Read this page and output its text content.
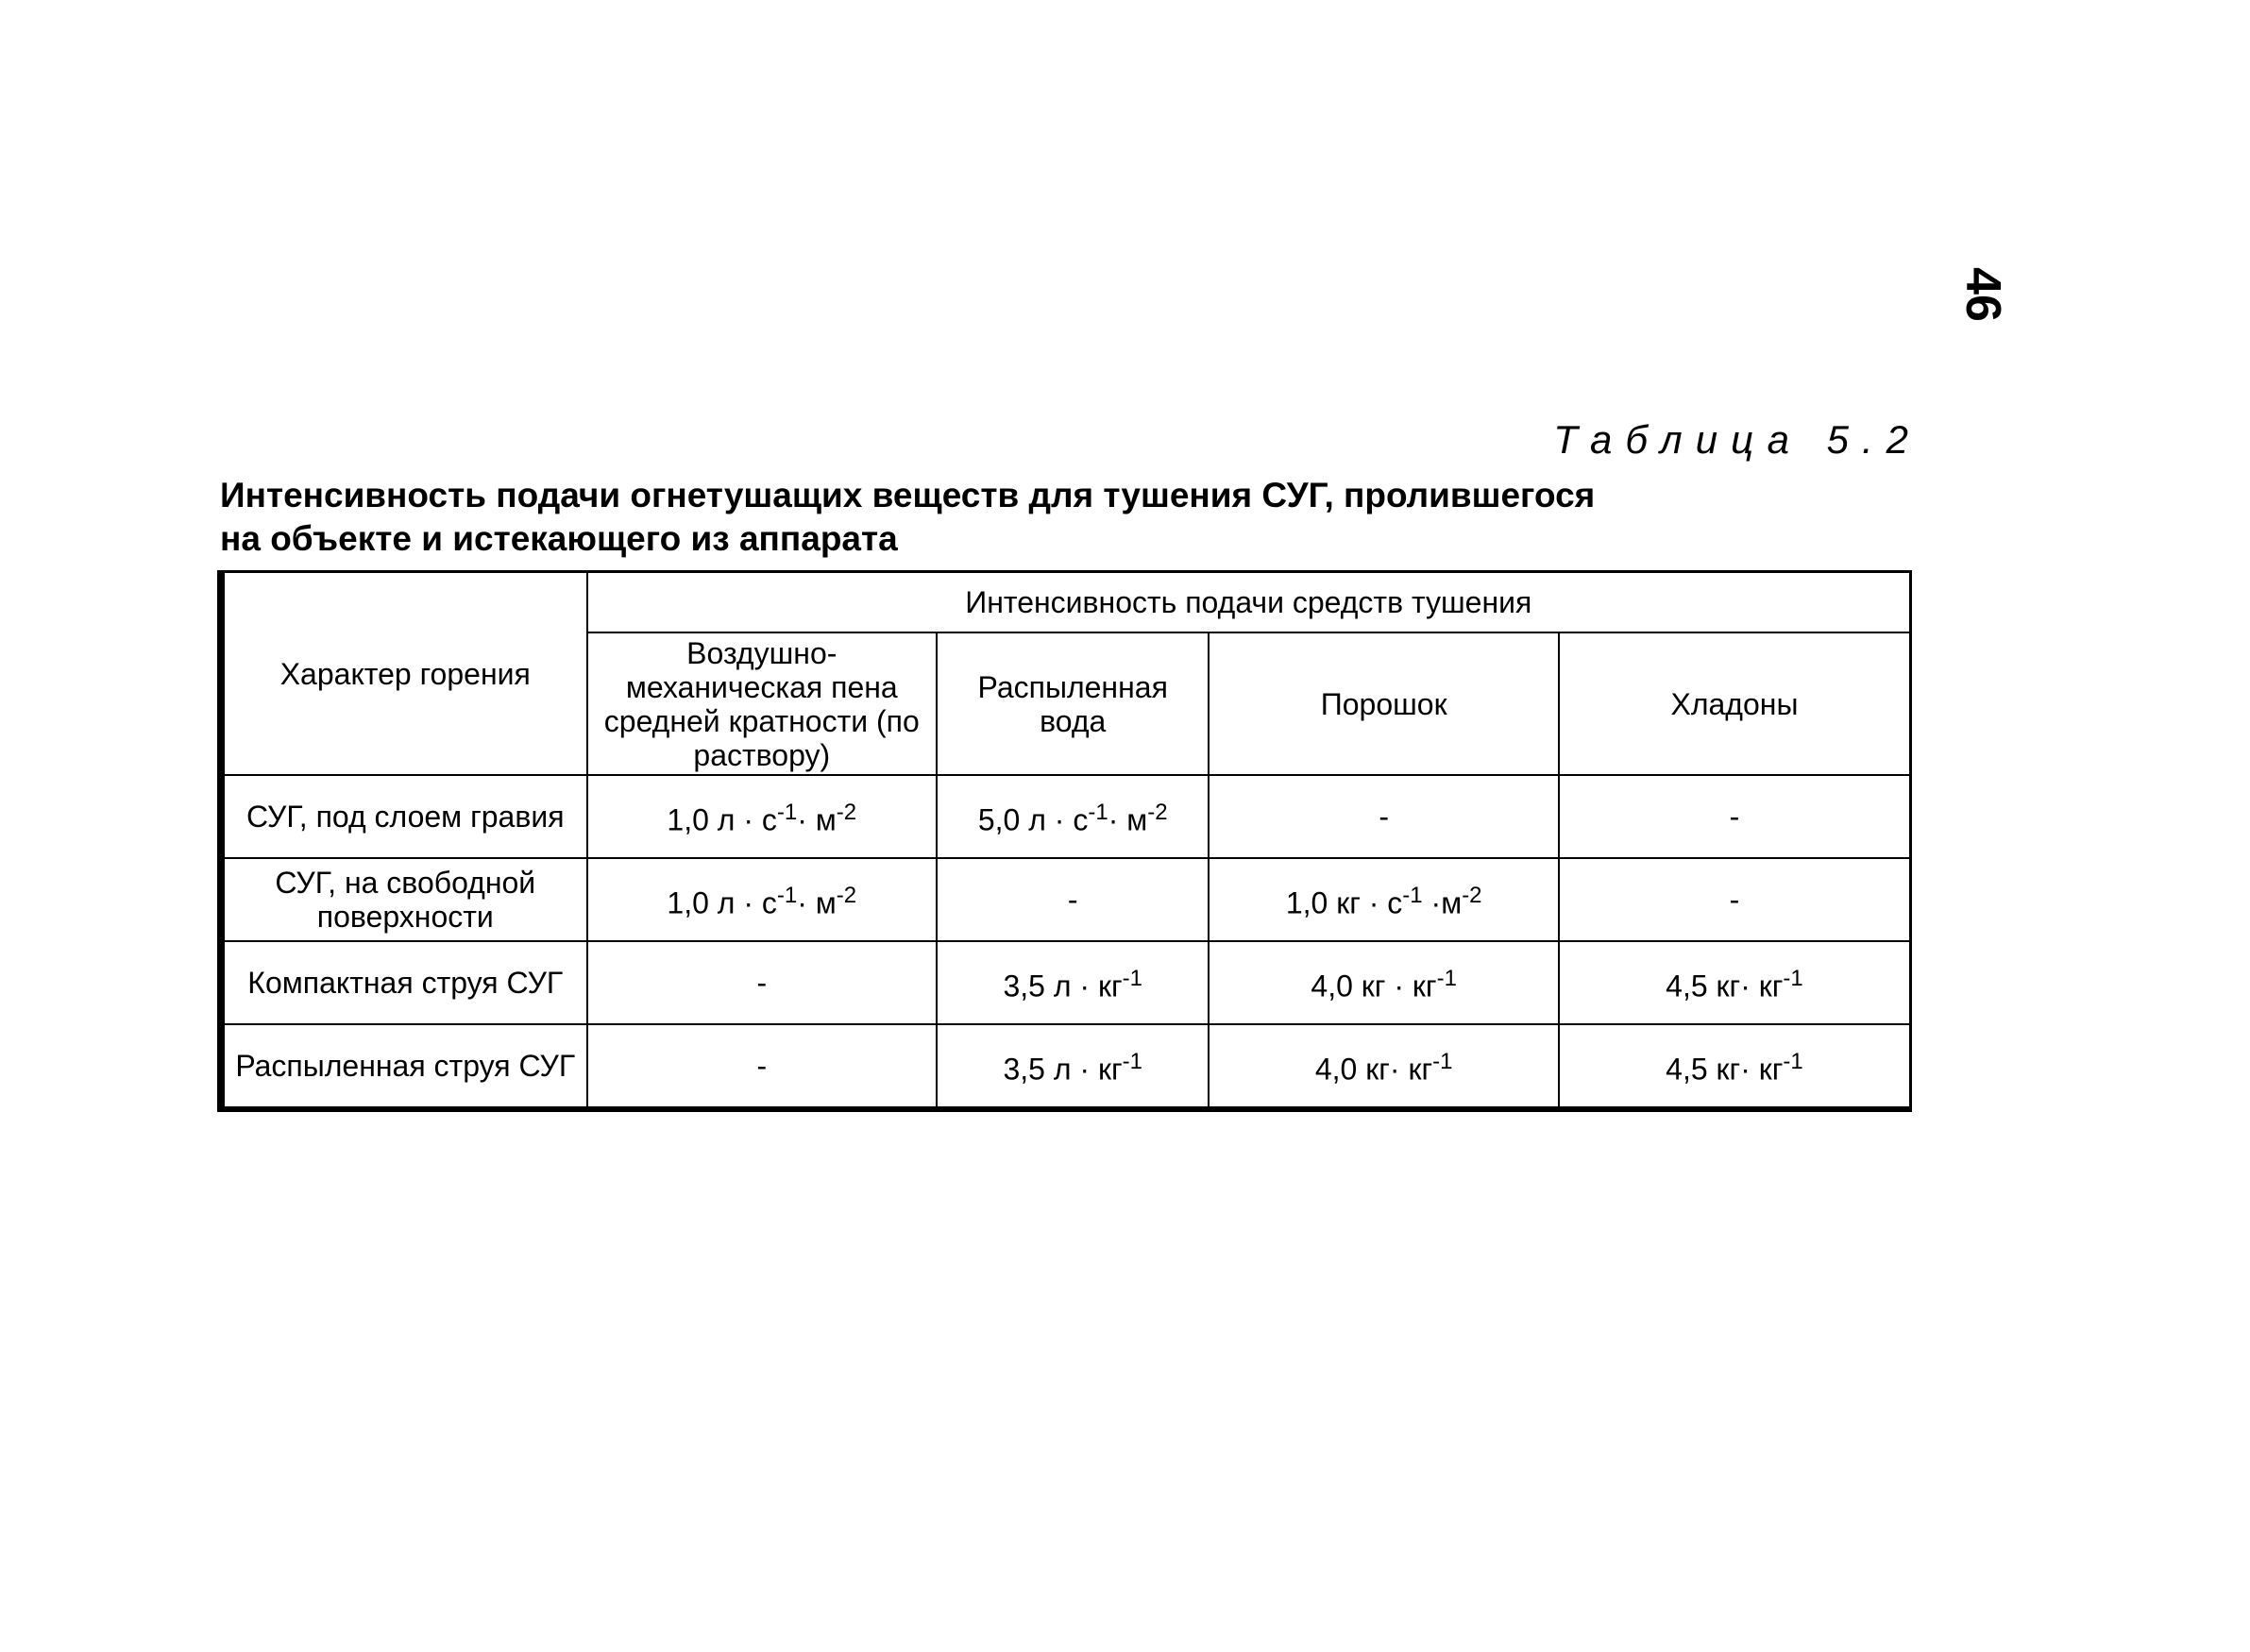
46
Таблица 5.2
Интенсивность подачи огнетушащих веществ для тушения СУГ, пролившегося
на объекте и истекающего из аппарата
Характер горения	Интенсивность подачи средств тушения			
	Воздушно-механическая пена средней кратности (по раствору)	Распыленная вода	Порошок	Хладоны
СУГ, под слоем гравия	1,0 $л \cdot с^{-1}\cdot м^{-2}$	5,0 $л \cdot с^{-1}\cdot м^{-2}$	-	-
СУГ, на свободной поверхности	1,0 $л \cdot с^{-1}\cdot м^{-2}$	-	1,0 кг · $с^{-1} \cdot м^{-2}$	-
Компактная струя СУГ	-	3,5 $л \cdot кг^{-1}$	4,0 кг · $кг^{-1}$	4,5 $кг\cdot кг^{-1}$
Распыленная струя СУГ	-	3,5 $л \cdot кг^{-1}$	4,0 $кг\cdot кг^{-1}$	4,5 $кг\cdot кг^{-1}$
